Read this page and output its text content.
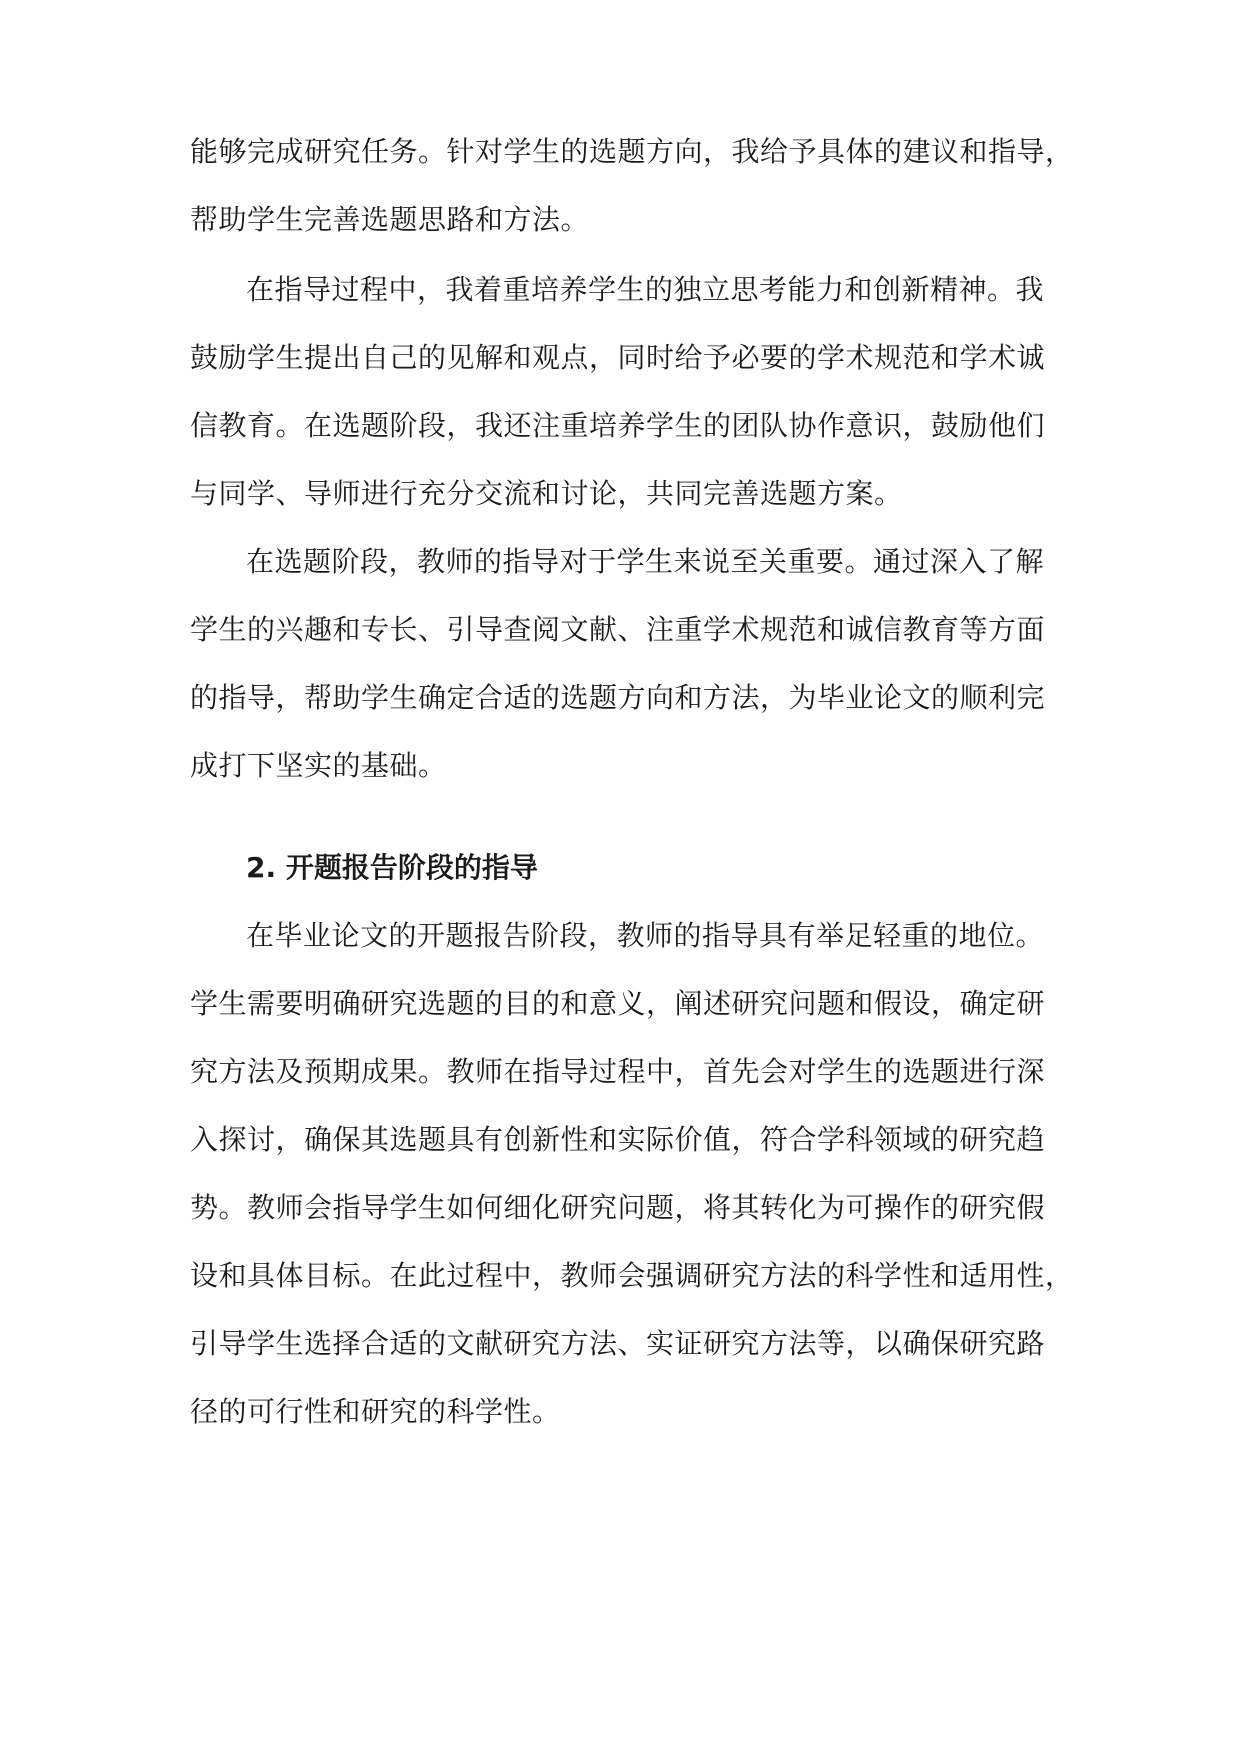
能够完成研究任务。针对学生的选题方向，我给予具体的建议和指导，
帮助学生完善选题思路和方法。
在指导过程中，我着重培养学生的独立思考能力和创新精神。我
鼓励学生提出自己的见解和观点，同时给予必要的学术规范和学术诚
信教育。在选题阶段，我还注重培养学生的团队协作意识，鼓励他们
与同学、导师进行充分交流和讨论，共同完善选题方案。
在选题阶段，教师的指导对于学生来说至关重要。通过深入了解
学生的兴趣和专长、引导查阅文献、注重学术规范和诚信教育等方面
的指导，帮助学生确定合适的选题方向和方法，为毕业论文的顺利完
成打下坚实的基础。
2. 开题报告阶段的指导
在毕业论文的开题报告阶段，教师的指导具有举足轻重的地位。
学生需要明确研究选题的目的和意义，阐述研究问题和假设，确定研
究方法及预期成果。教师在指导过程中，首先会对学生的选题进行深
入探讨，确保其选题具有创新性和实际价值，符合学科领域的研究趋
势。教师会指导学生如何细化研究问题，将其转化为可操作的研究假
设和具体目标。在此过程中，教师会强调研究方法的科学性和适用性，
引导学生选择合适的文献研究方法、实证研究方法等，以确保研究路
径的可行性和研究的科学性。
